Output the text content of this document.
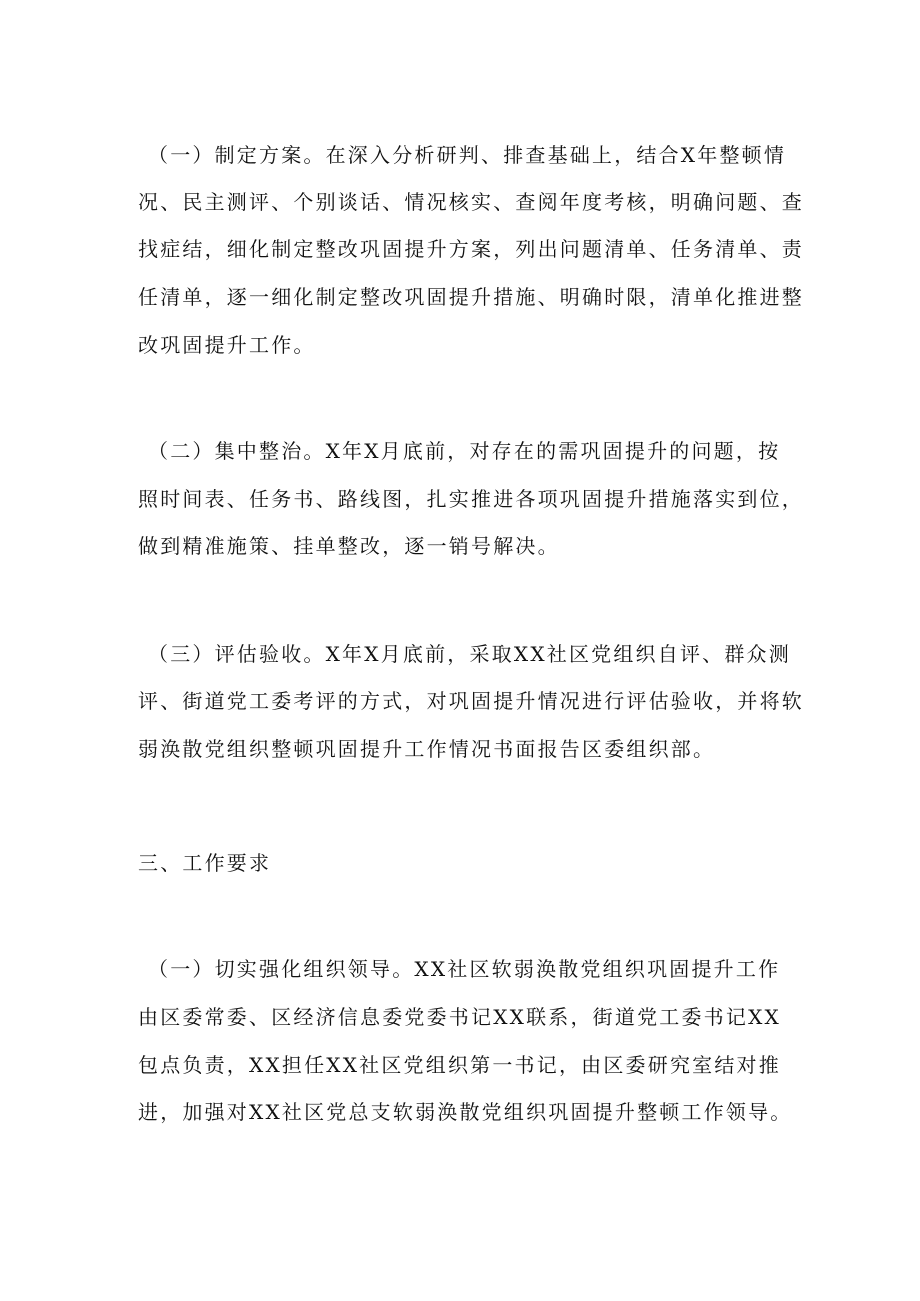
（一）制定方案。在深入分析研判、排查基础上，结合X年整顿情
况、民主测评、个别谈话、情况核实、查阅年度考核，明确问题、查
找症结，细化制定整改巩固提升方案，列出问题清单、任务清单、责
任清单，逐一细化制定整改巩固提升措施、明确时限，清单化推进整
改巩固提升工作。
（二）集中整治。X年X月底前，对存在的需巩固提升的问题，按
照时间表、任务书、路线图，扎实推进各项巩固提升措施落实到位，
做到精准施策、挂单整改，逐一销号解决。
（三）评估验收。X年X月底前，采取XX社区党组织自评、群众测
评、街道党工委考评的方式，对巩固提升情况进行评估验收，并将软
弱涣散党组织整顿巩固提升工作情况书面报告区委组织部。
三、工作要求
（一）切实强化组织领导。XX社区软弱涣散党组织巩固提升工作
由区委常委、区经济信息委党委书记XX联系，街道党工委书记XX
包点负责，XX担任XX社区党组织第一书记，由区委研究室结对推
进，加强对XX社区党总支软弱涣散党组织巩固提升整顿工作领导。
